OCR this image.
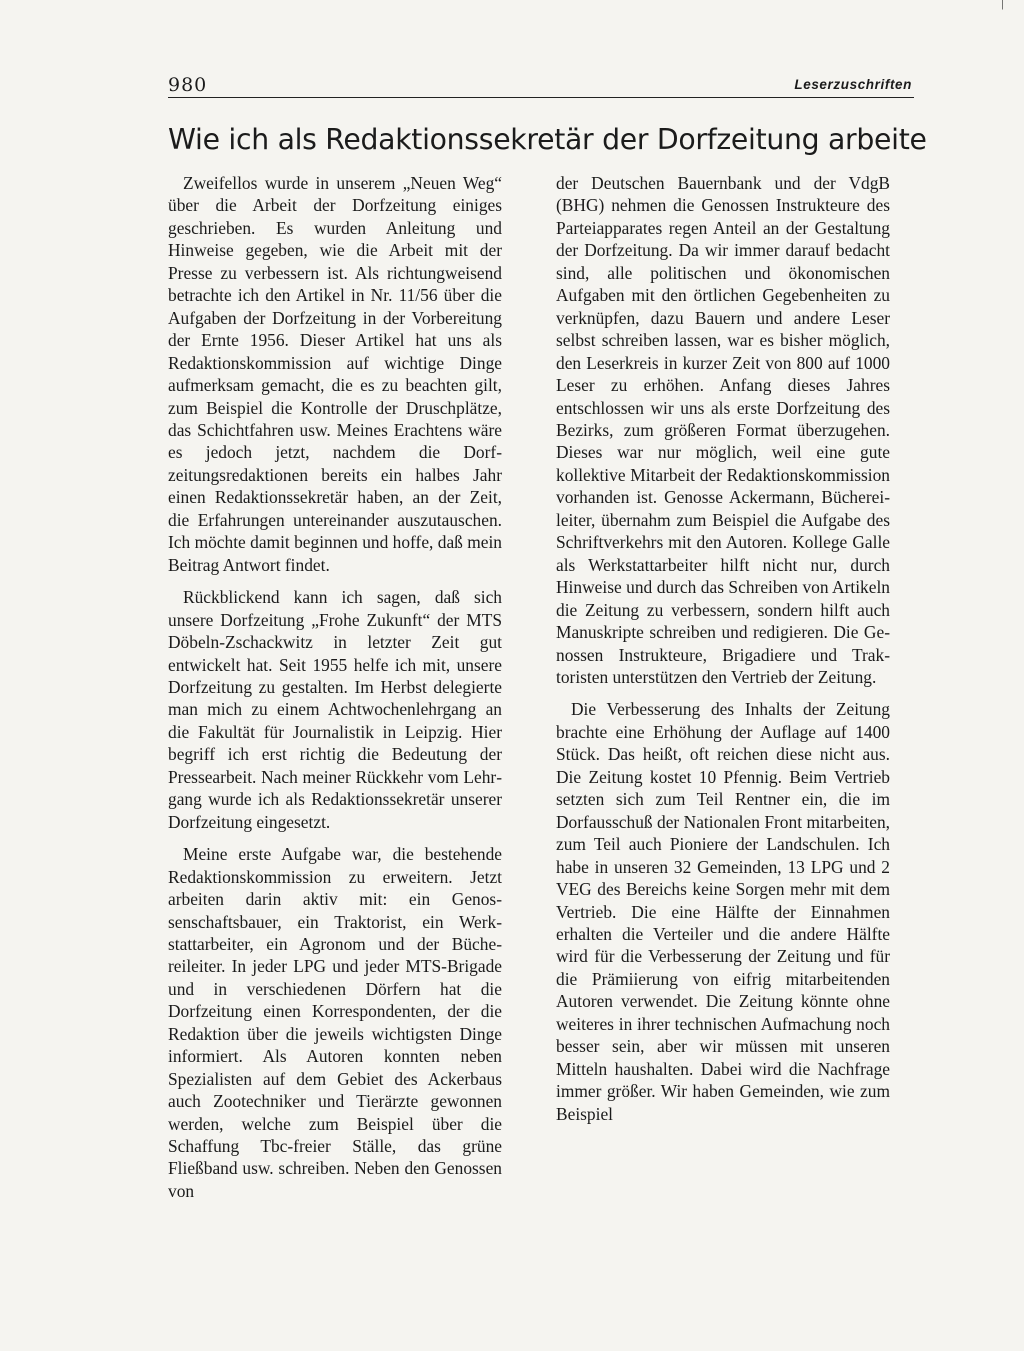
|
980	Leserzuschriften
Wie ich als Redaktionssekretär der Dorfzeitung arbeite

Zweifellos wurde in unserem „Neuen Weg“ über die Arbeit der Dorfzeitung einiges geschrieben. Es wurden Anleitung und Hinweise gegeben, wie die Arbeit mit der Presse zu verbessern ist. Als richtungweisend betrachte ich den Artikel in Nr. 11/56 über die Aufgaben der Dorfzeitung in der Vorbereitung der Ernte 1956. Dieser Artikel hat uns als Redaktionskommission auf wichtige Dinge aufmerksam gemacht, die es zu beachten gilt, zum Beispiel die Kontrolle der Druschplätze, das Schichtfahren usw. Meines Erachtens wäre es jedoch jetzt, nachdem die Dorfzeitungsredaktionen bereits ein halbes Jahr einen Redaktionssekretär haben, an der Zeit, die Erfahrungen untereinander auszutauschen. Ich möchte damit beginnen und hoffe, daß mein Beitrag Antwort findet.

Rückblickend kann ich sagen, daß sich unsere Dorfzeitung „Frohe Zukunft“ der MTS Döbeln-Zschackwitz in letzter Zeit gut entwickelt hat. Seit 1955 helfe ich mit, unsere Dorfzeitung zu gestalten. Im Herbst delegierte man mich zu einem Achtwochenlehrgang an die Fakultät für Journalistik in Leipzig. Hier begriff ich erst richtig die Bedeutung der Pressearbeit. Nach meiner Rückkehr vom Lehrgang wurde ich als Redaktionssekretär unserer Dorfzeitung eingesetzt.

Meine erste Aufgabe war, die bestehende Redaktionskommission zu erweitern. Jetzt arbeiten darin aktiv mit: ein Genossenschaftsbauer, ein Traktorist, ein Werkstattarbeiter, ein Agronom und der Büchereileiter. In jeder LPG und jeder MTS-Brigade und in verschiedenen Dörfern hat die Dorfzeitung einen Korrespondenten, der die Redaktion über die jeweils wichtigsten Dinge informiert. Als Autoren konnten neben Spezialisten auf dem Gebiet des Ackerbaus auch Zootechniker und Tierärzte gewonnen werden, welche zum Beispiel über die Schaffung Tbc-freier Ställe, das grüne Fließband usw. schreiben. Neben den Genossen von

der Deutschen Bauernbank und der VdgB (BHG) nehmen die Genossen Instrukteure des Parteiapparates regen Anteil an der Gestaltung der Dorfzeitung. Da wir immer darauf bedacht sind, alle politischen und ökonomischen Aufgaben mit den örtlichen Gegebenheiten zu verknüpfen, dazu Bauern und andere Leser selbst schreiben lassen, war es bisher möglich, den Leserkreis in kurzer Zeit von 800 auf 1000 Leser zu erhöhen. Anfang dieses Jahres entschlossen wir uns als erste Dorfzeitung des Bezirks, zum größeren Format überzugehen. Dieses war nur möglich, weil eine gute kollektive Mitarbeit der Redaktionskommission vorhanden ist. Genosse Ackermann, Büchereileiter, übernahm zum Beispiel die Aufgabe des Schriftverkehrs mit den Autoren. Kollege Galle als Werkstattarbeiter hilft nicht nur, durch Hinweise und durch das Schreiben von Artikeln die Zeitung zu verbessern, sondern hilft auch Manuskripte schreiben und redigieren. Die Genossen Instrukteure, Brigadiere und Traktoristen unterstützen den Vertrieb der Zeitung.

Die Verbesserung des Inhalts der Zeitung brachte eine Erhöhung der Auflage auf 1400 Stück. Das heißt, oft reichen diese nicht aus. Die Zeitung kostet 10 Pfennig. Beim Vertrieb setzten sich zum Teil Rentner ein, die im Dorfausschuß der Nationalen Front mitarbeiten, zum Teil auch Pioniere der Landschulen. Ich habe in unseren 32 Gemeinden, 13 LPG und 2 VEG des Bereichs keine Sorgen mehr mit dem Vertrieb. Die eine Hälfte der Einnahmen erhalten die Verteiler und die andere Hälfte wird für die Verbesserung der Zeitung und für die Prämiierung von eifrig mitarbeitenden Autoren verwendet. Die Zeitung könnte ohne weiteres in ihrer technischen Aufmachung noch besser sein, aber wir müssen mit unseren Mitteln haushalten. Dabei wird die Nachfrage immer größer. Wir haben Gemeinden, wie zum Beispiel
